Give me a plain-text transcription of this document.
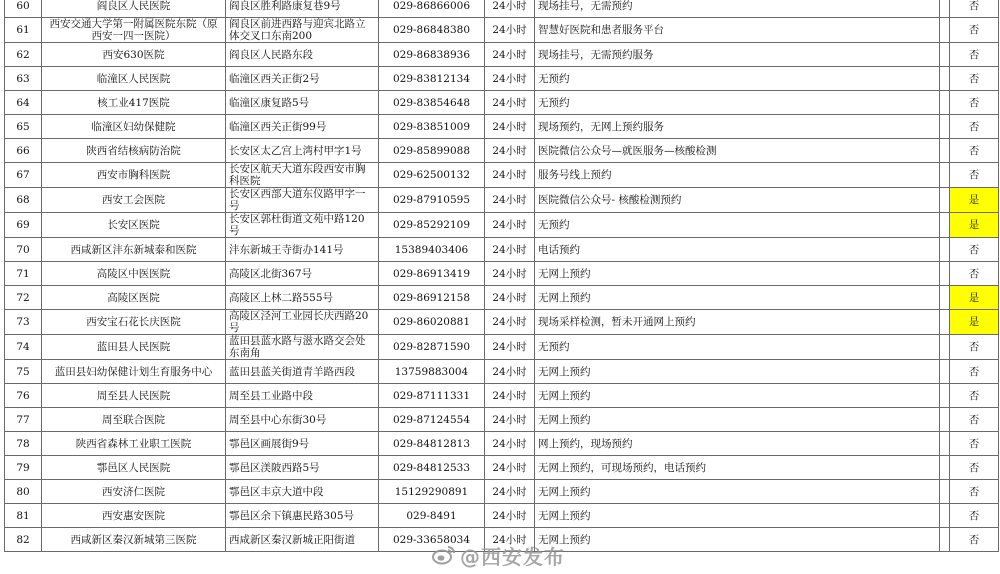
60	阎良区人民医院	阎良区胜利路康复巷9号	029-86866006	24小时	现场挂号，无需预约		否
61	西安交通大学第一附属医院东院（原西安一四一医院）	阎良区前进西路与迎宾北路立体交叉口东南200	029-86848380	24小时	智慧好医院和患者服务平台		否
62	西安630医院	阎良区人民路东段	029-86838936	24小时	现场挂号，无需预约服务		否
63	临潼区人民医院	临潼区西关正街2号	029-83812134	24小时	无预约		否
64	核工业417医院	临潼区康复路5号	029-83854648	24小时	无预约		否
65	临潼区妇幼保健院	临潼区西关正街99号	029-83851009	24小时	现场预约，无网上预约服务		否
66	陕西省结核病防治院	长安区太乙宫上湾村甲字1号	029-85899088	24小时	医院微信公众号—就医服务—核酸检测		否
67	西安市胸科医院	长安区航天大道东段西安市胸科医院	029-62500132	24小时	服务号线上预约		否
68	西安工会医院	长安区西部大道东仪路甲字一号	029-87910595	24小时	医院微信公众号- 核酸检测预约		是
69	长安区医院	长安区郭杜街道文苑中路120号	029-85292109	24小时	无预约		是
70	西咸新区沣东新城泰和医院	沣东新城王寺街办141号	15389403406	24小时	电话预约		否
71	高陵区中医医院	高陵区北街367号	029-86913419	24小时	无网上预约		否
72	高陵区医院	高陵区上林二路555号	029-86912158	24小时	无网上预约		是
73	西安宝石花长庆医院	高陵区泾河工业园长庆西路20号	029-86020881	24小时	现场采样检测，暂未开通网上预约		是
74	蓝田县人民医院	蓝田县蓝水路与滋水路交会处东南角	029-82871590	24小时	无预约		否
75	蓝田县妇幼保健计划生育服务中心	蓝田县蓝关街道青羊路西段	13759883004	24小时	无网上预约		否
76	周至县人民医院	周至县工业路中段	029-87111331	24小时	无网上预约		否
77	周至联合医院	周至县中心东街30号	029-87124554	24小时	无网上预约		否
78	陕西省森林工业职工医院	鄠邑区画展街9号	029-84812813	24小时	网上预约，现场预约		否
79	鄠邑区人民医院	鄠邑区渼陂西路5号	029-84812533	24小时	无网上预约，可现场预约，电话预约		否
80	西安济仁医院	鄠邑区丰京大道中段	15129290891	24小时	无网上预约		否
81	西安惠安医院	鄠邑区余下镇惠民路305号	029-8491	24小时	无网上预约		否
82	西咸新区秦汉新城第三医院	西咸新区秦汉新城正阳街道	029-33658034	24小时	无网上预约		否
@西安发布
